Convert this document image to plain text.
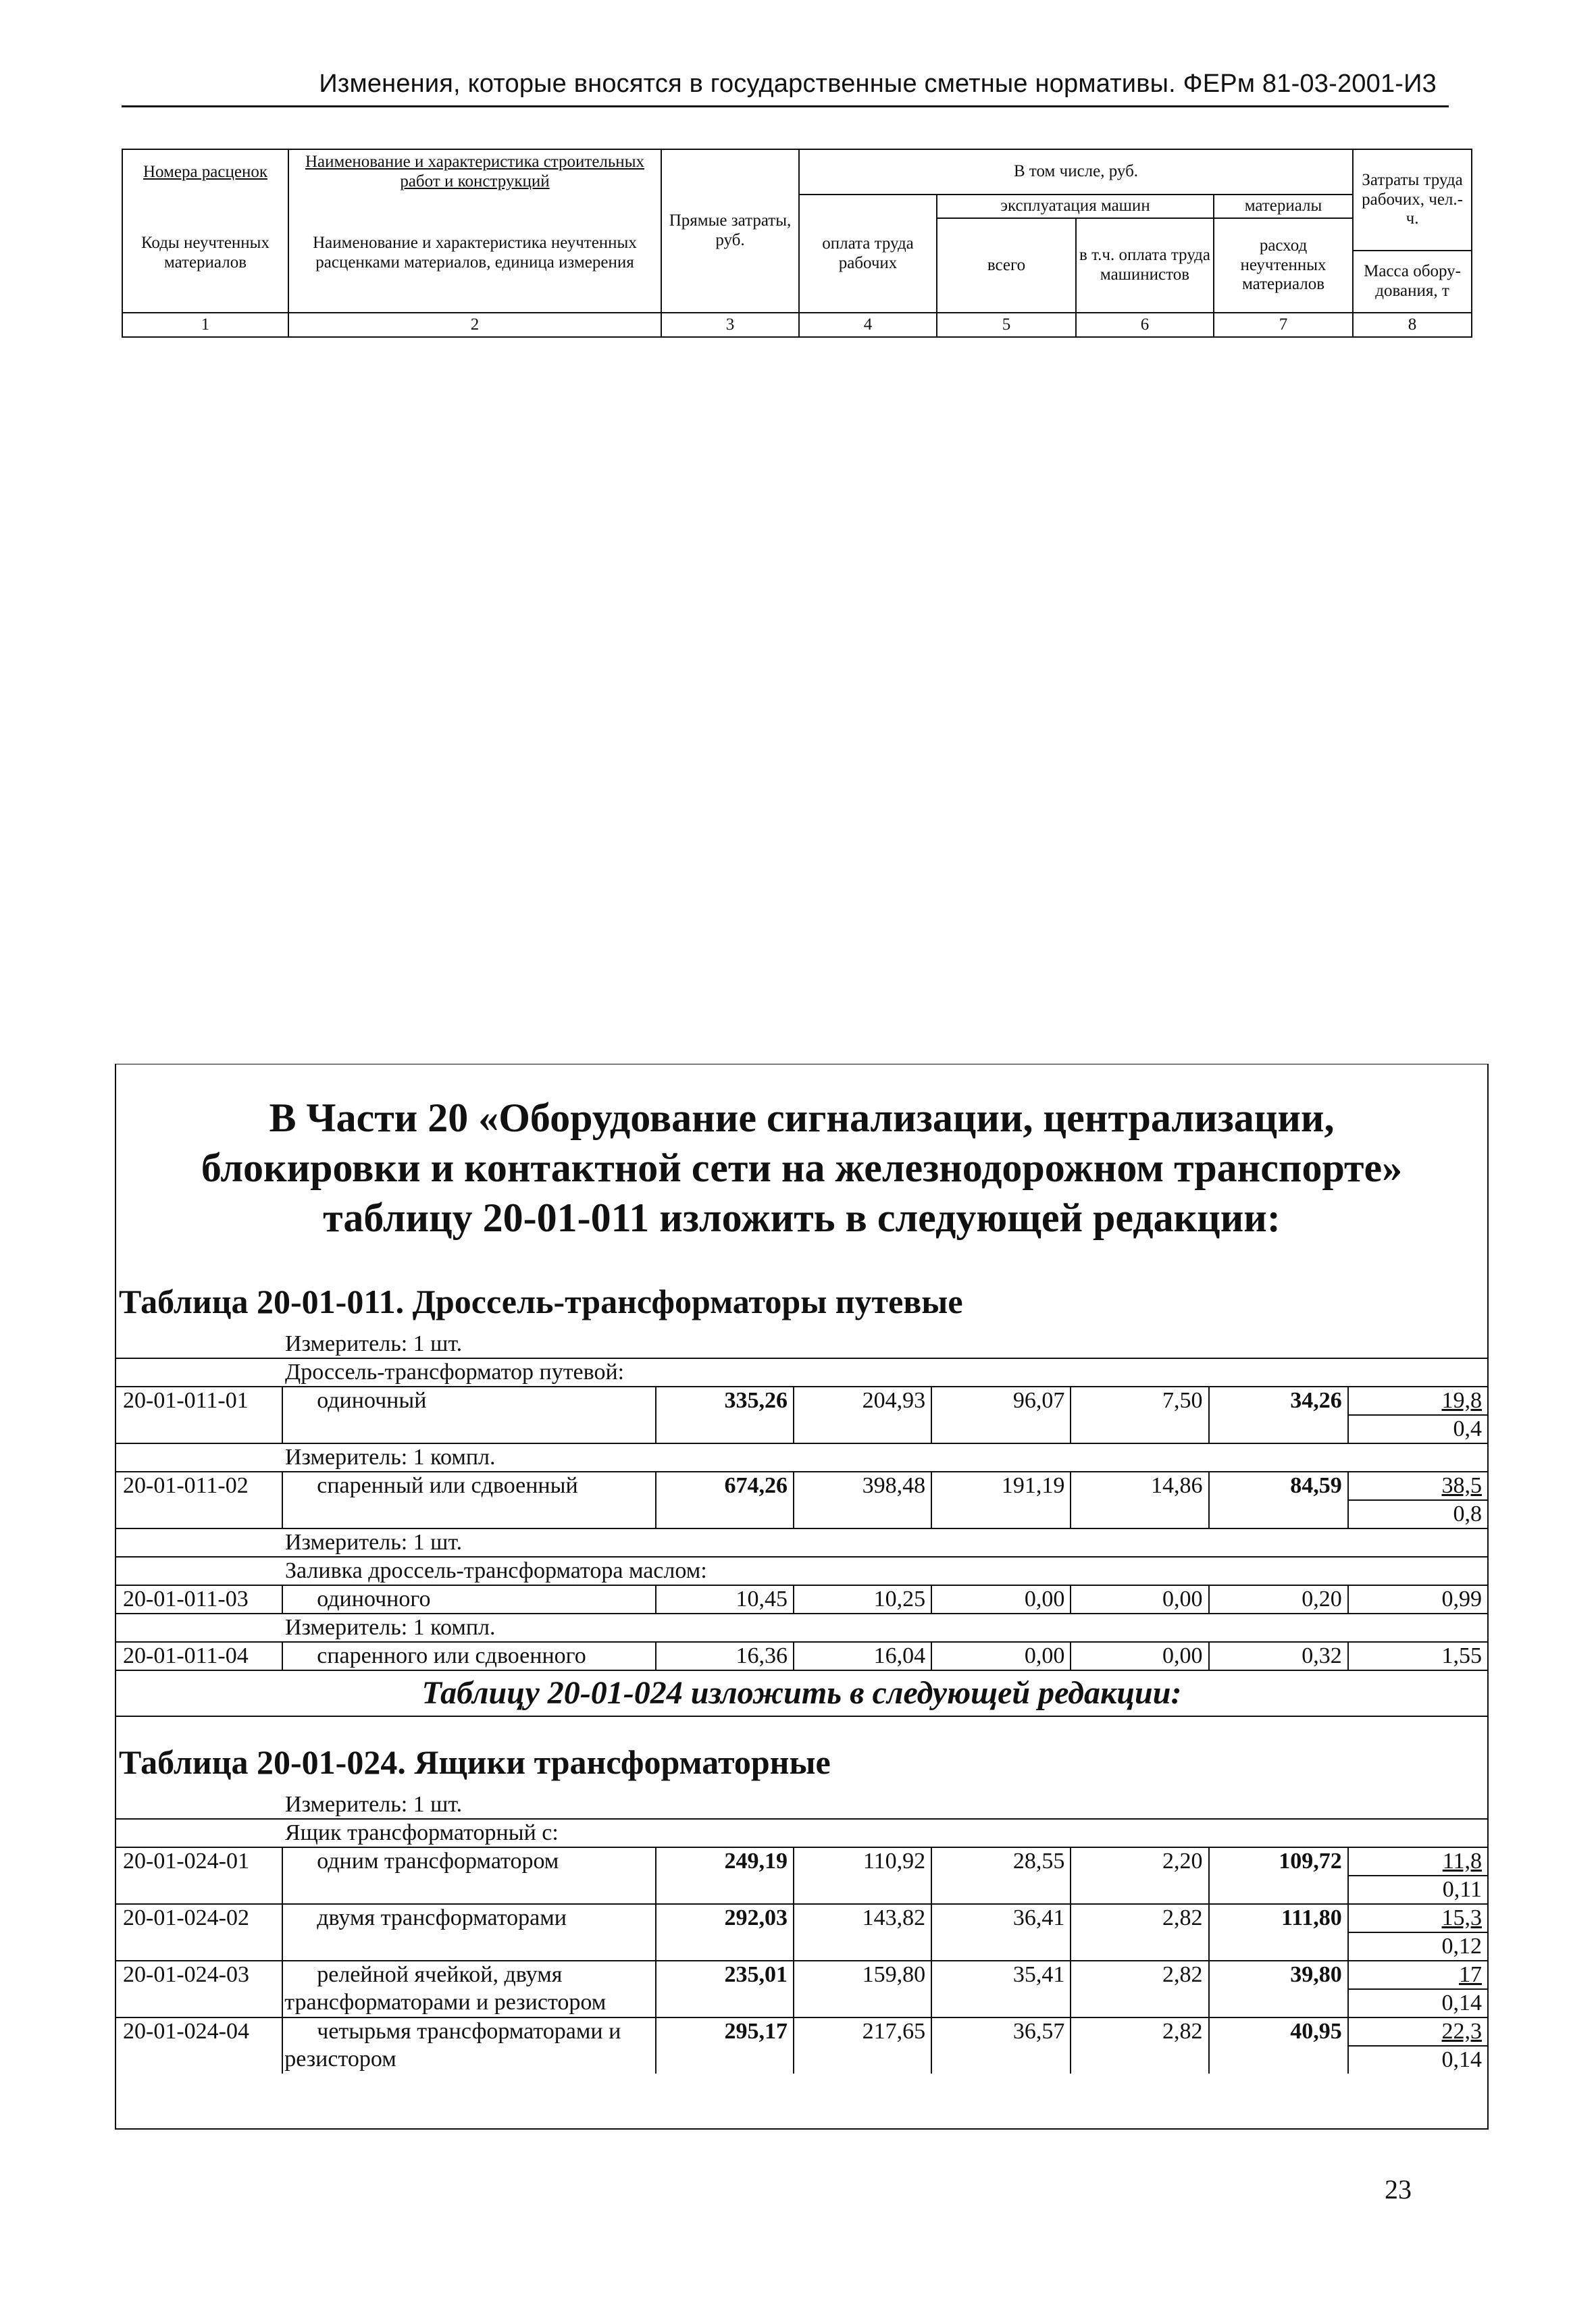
Изменения, которые вносятся в государственные сметные нормативы. ФЕРм 81-03-2001-И3
Номера расценок	Наименование и характеристика строительных работ и конструкций	Прямые затраты, руб.	В том числе, руб.				Затраты труда рабочих, чел.-ч.
Коды неучтенных материалов	Наименование и характеристика неучтенных расценками материалов, единица измерения		оплата труда рабочих	эксплуатация машин		материалы	
				всего	в т.ч. оплата труда машинистов	расход неучтенных материалов	
							Масса обору-дования, т
1	2	3	4	5	6	7	8
В Части 20 «Оборудование сигнализации, централизации, блокировки и контактной сети на железнодорожном транспорте» таблицу 20-01-011 изложить в следующей редакции:
Таблица 20-01-011. Дроссель-трансформаторы путевые
Измеритель: 1 шт.							
Дроссель-трансформатор путевой:							
20-01-011-01	одиночный	335,26	204,93	96,07	7,50	34,26	19,8
							0,4
Измеритель: 1 компл.							
20-01-011-02	спаренный или сдвоенный	674,26	398,48	191,19	14,86	84,59	38,5
							0,8
Измеритель: 1 шт.							
Заливка дроссель-трансформатора маслом:							
20-01-011-03	одиночного	10,45	10,25	0,00	0,00	0,20	0,99
Измеритель: 1 компл.							
20-01-011-04	спаренного или сдвоенного	16,36	16,04	0,00	0,00	0,32	1,55
Таблицу 20-01-024 изложить в следующей редакции:
Таблица 20-01-024. Ящики трансформаторные
Измеритель: 1 шт.							
Ящик трансформаторный с:							
20-01-024-01	одним трансформатором	249,19	110,92	28,55	2,20	109,72	11,8
							0,11
20-01-024-02	двумя трансформаторами	292,03	143,82	36,41	2,82	111,80	15,3
							0,12
20-01-024-03	релейной ячейкой, двумя	235,01	159,80	35,41	2,82	39,80	17
	трансформаторами и резистором						0,14
20-01-024-04	четырьмя трансформаторами и	295,17	217,65	36,57	2,82	40,95	22,3
	резистором						0,14
23
